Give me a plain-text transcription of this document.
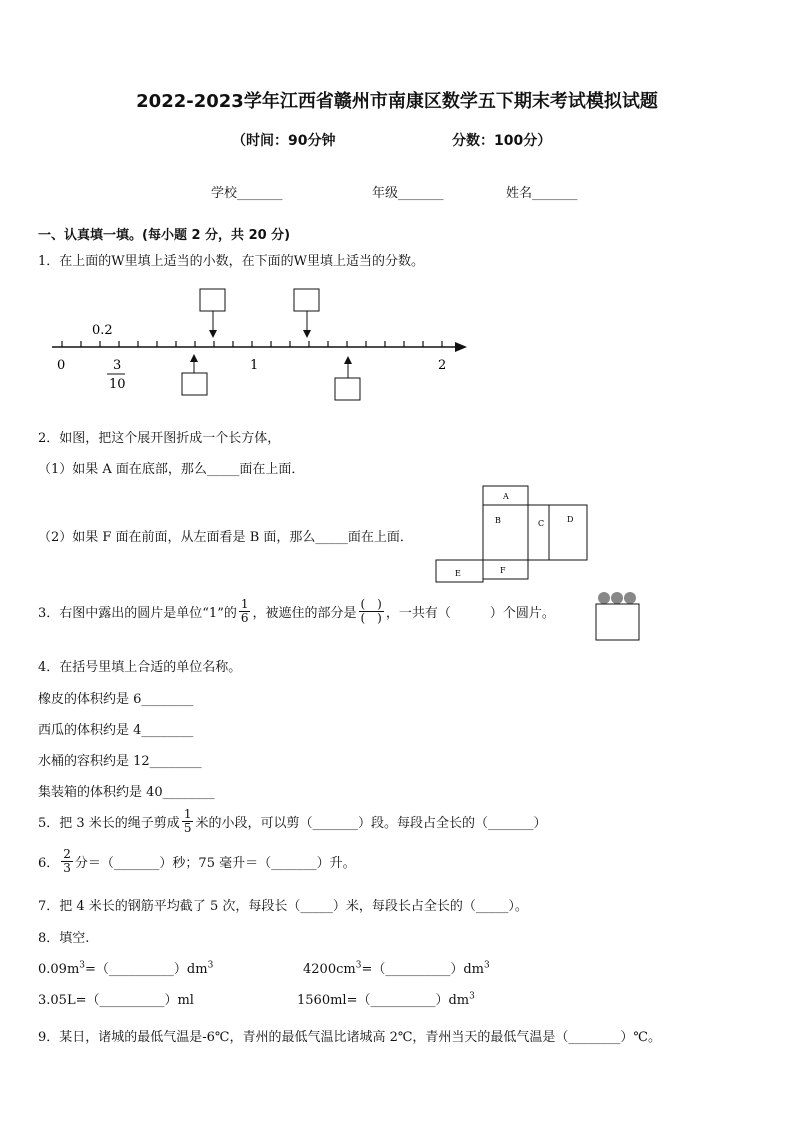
2022-2023学年江西省赣州市南康区数学五下期末考试模拟试题
（时间：90分钟	分数：100分）
学校_______	年级_______	姓名_______
一、认真填一填。(每小题 2 分，共 20 分)
1．在上面的W里填上适当的小数，在下面的W里填上适当的分数。
0.2
0	1	2
3
10
2．如图，把这个展开图折成一个长方体，
（1）如果 A 面在底部，那么_____面在上面．
（2）如果 F 面在前面，从左面看是 B 面，那么_____面在上面．
A
B	C	D
F
E
3．右图中露出的圆片是单位“1”的 $\frac{1}{6}$ ，被遮住的部分是 $\frac{( )}{( )}$ ，一共有（　　　）个圆片。
4．在括号里填上合适的单位名称。
橡皮的体积约是 6________
西瓜的体积约是 4________
水桶的容积约是 12________
集装箱的体积约是 40________
5．把 3 米长的绳子剪成 $\frac{1}{5}$ 米的小段，可以剪（_______）段。每段占全长的（_______）
6． $\frac{2}{3}$ 分＝（_______）秒；75 毫升＝（_______）升。
7．把 4 米长的钢筋平均截了 5 次，每段长（_____）米，每段长占全长的（_____）。
8．填空.
$0.09m^3=(\_\_\_\_\_\_\_\_\_\_)dm^3$	$4200cm^3=(\_\_\_\_\_\_\_\_\_\_)dm^3$
3.05L=（__________）ml	$1560ml=(\_\_\_\_\_\_\_\_\_\_)dm^3$
9．某日，诸城的最低气温是-6℃，青州的最低气温比诸城高 2℃，青州当天的最低气温是（________）℃。
